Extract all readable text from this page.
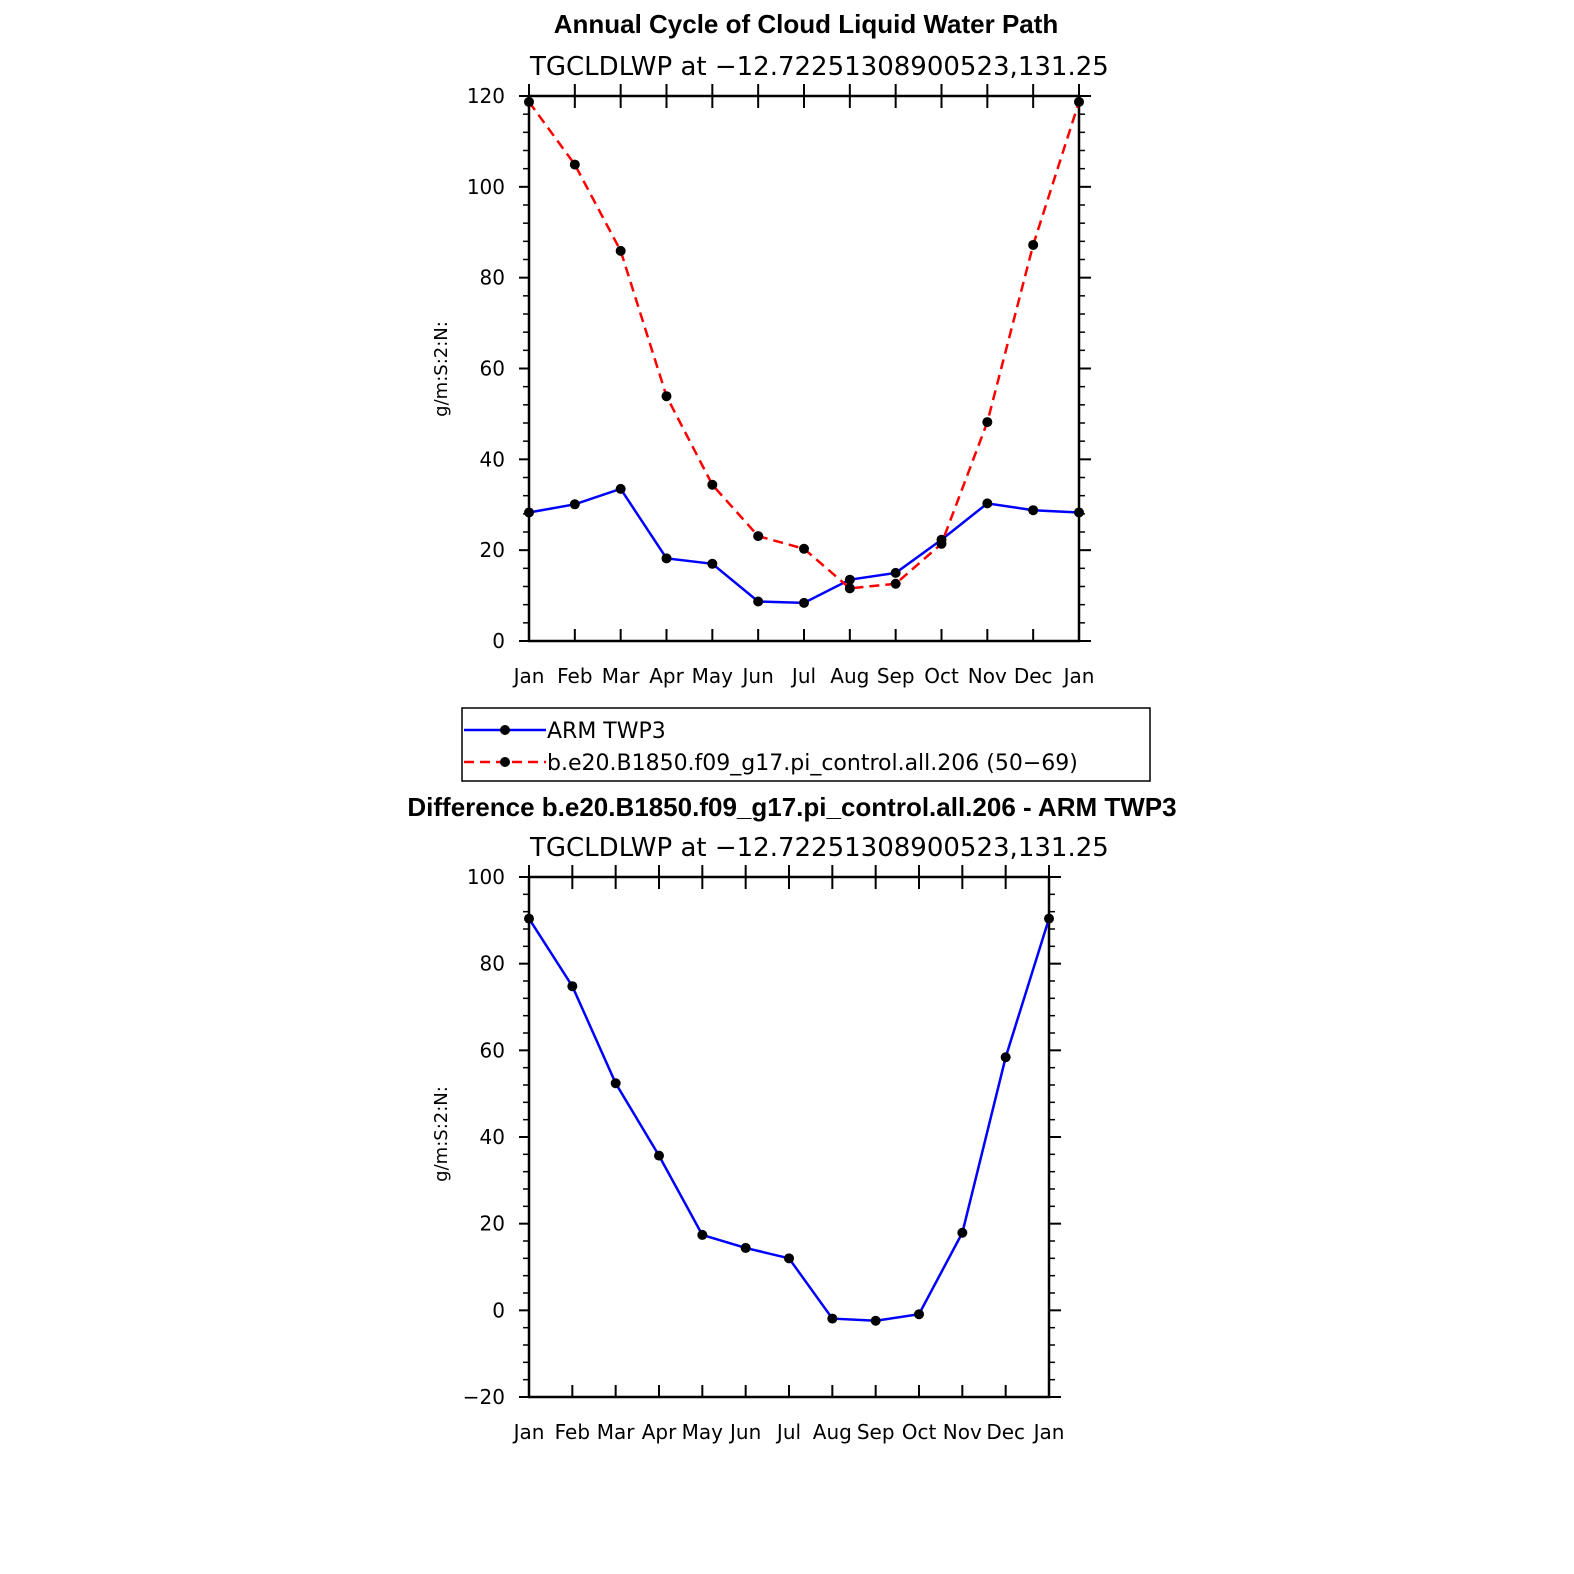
Annual Cycle of Cloud Liquid Water Path
TGCLDLWP at −12.72251308900523,131.25
Jan Feb Mar Apr May Jun Jul Aug Sep Oct Nov Dec Jan
0
20
40
60
80
100
120
g/m:S:2:N:
ARM TWP3
b.e20.B1850.f09_g17.pi_control.all.206 (50−69)
Difference b.e20.B1850.f09_g17.pi_control.all.206 - ARM TWP3
TGCLDLWP at −12.72251308900523,131.25
Jan Feb Mar Apr May Jun Jul Aug Sep Oct Nov Dec Jan
−20
0
20
40
60
80
100
g/m:S:2:N:
